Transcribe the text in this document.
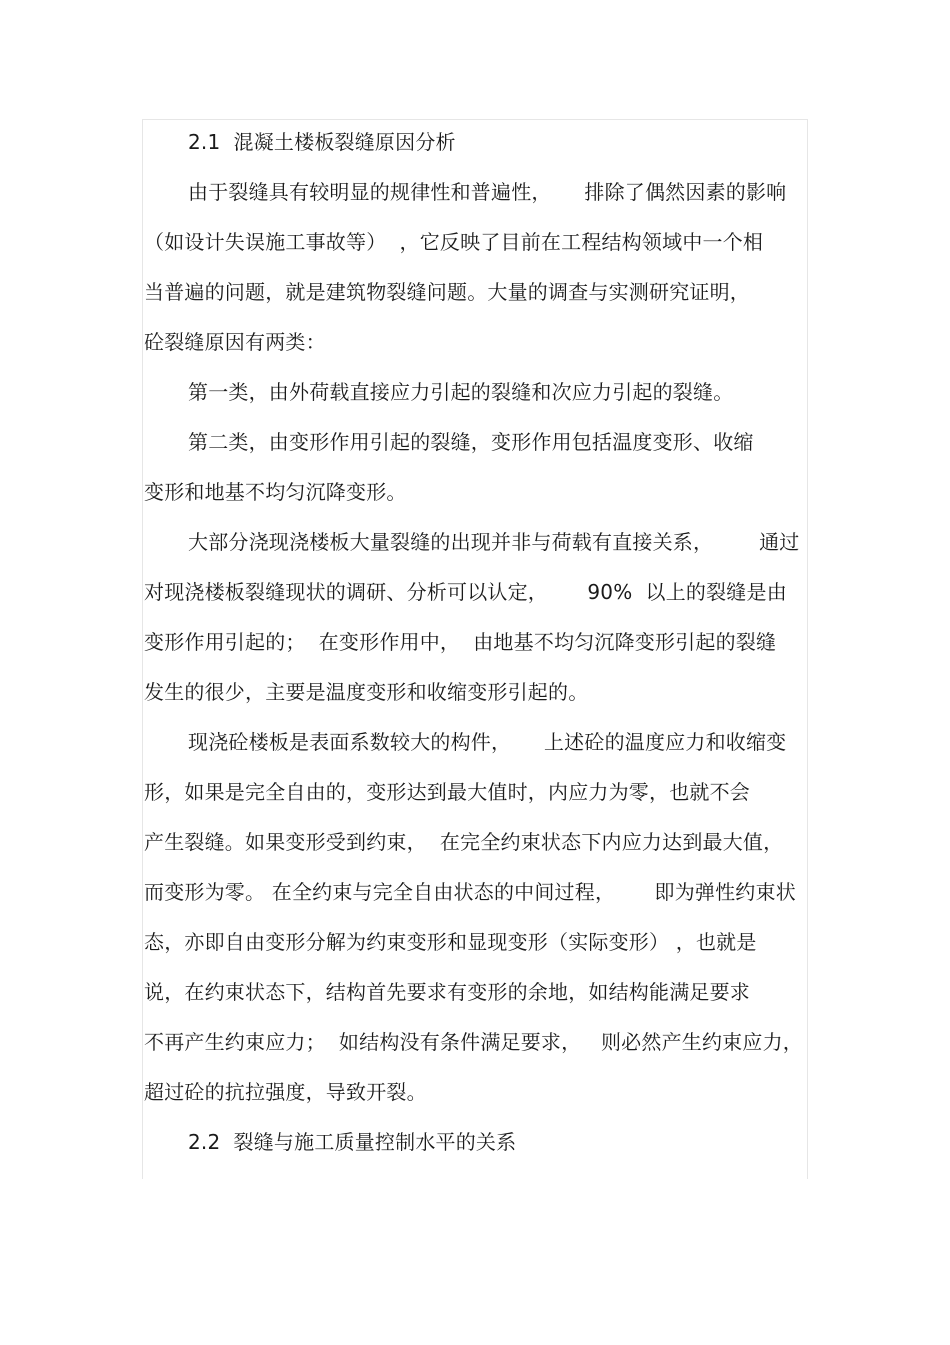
2.1  混凝土楼板裂缝原因分析
由于裂缝具有较明显的规律性和普遍性，     排除了偶然因素的影响
（如设计失误施工事故等）  ，它反映了目前在工程结构领域中一个相
当普遍的问题，就是建筑物裂缝问题。大量的调查与实测研究证明，
砼裂缝原因有两类：
第一类，由外荷载直接应力引起的裂缝和次应力引起的裂缝。
第二类，由变形作用引起的裂缝，变形作用包括温度变形、收缩
变形和地基不均匀沉降变形。
大部分浇现浇楼板大量裂缝的出现并非与荷载有直接关系，       通过
对现浇楼板裂缝现状的调研、分析可以认定，      90%  以上的裂缝是由
变形作用引起的；  在变形作用中，  由地基不均匀沉降变形引起的裂缝
发生的很少，主要是温度变形和收缩变形引起的。
现浇砼楼板是表面系数较大的构件，     上述砼的温度应力和收缩变
形，如果是完全自由的，变形达到最大值时，内应力为零，也就不会
产生裂缝。如果变形受到约束，  在完全约束状态下内应力达到最大值，
而变形为零。 在全约束与完全自由状态的中间过程，      即为弹性约束状
态，亦即自由变形分解为约束变形和显现变形（实际变形） ，也就是
说，在约束状态下，结构首先要求有变形的余地，如结构能满足要求
不再产生约束应力；  如结构没有条件满足要求，   则必然产生约束应力，
超过砼的抗拉强度，导致开裂。
2.2  裂缝与施工质量控制水平的关系
